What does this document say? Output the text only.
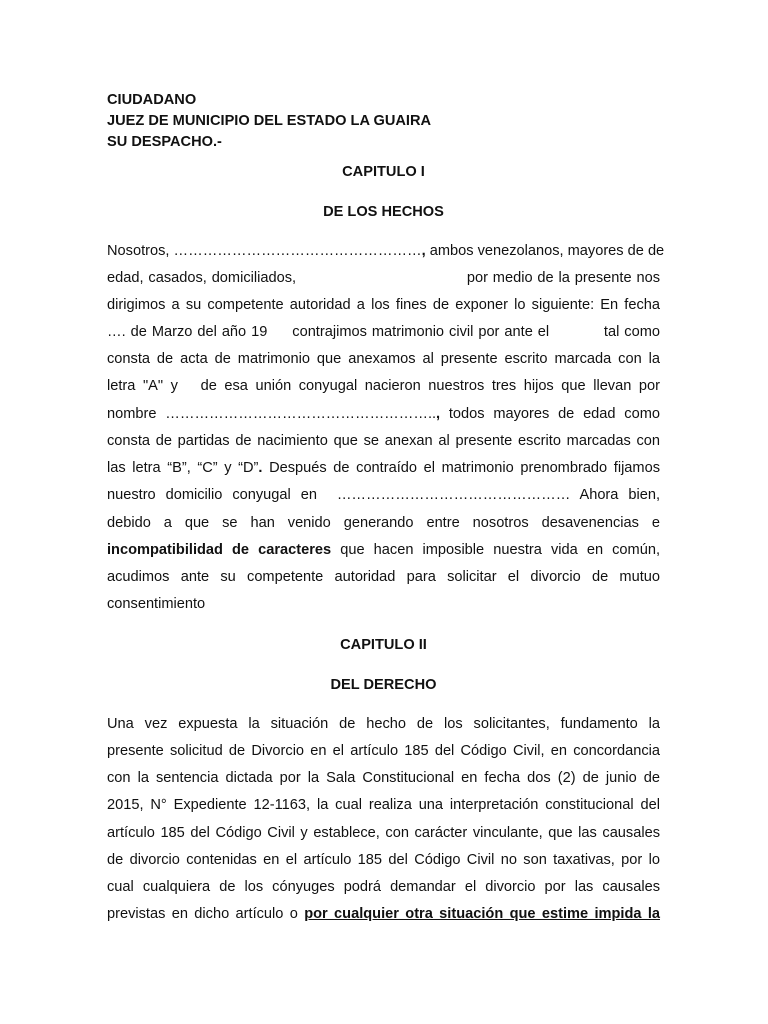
CIUDADANO
JUEZ DE MUNICIPIO DEL ESTADO LA GUAIRA
SU DESPACHO.-
CAPITULO I
DE LOS HECHOS
Nosotros, ……………………………………………, ambos venezolanos, mayores de de
edad, casados, domiciliados,                                   por medio de la presente nos
dirigimos a su competente autoridad a los fines de exponer lo siguiente: En fecha
…. de Marzo del año 19     contrajimos matrimonio civil por ante el           tal como
consta de acta de matrimonio que anexamos al presente escrito marcada con la
letra "A" y   de esa unión conyugal nacieron nuestros tres hijos que llevan por
nombre ……………………………………………….., todos mayores de edad como
consta de partidas de nacimiento que se anexan al presente escrito marcadas con
las letra “B”, “C” y “D”. Después de contraído el matrimonio prenombrado fijamos
nuestro domicilio conyugal en  ………………………………………… Ahora bien,
debido a que se han venido generando entre nosotros desavenencias e
incompatibilidad de caracteres que hacen imposible nuestra vida en común,
acudimos ante su competente autoridad para solicitar el divorcio de mutuo
consentimiento
CAPITULO II
DEL DERECHO
Una vez expuesta la situación de hecho de los solicitantes, fundamento la
presente solicitud de Divorcio en el artículo 185 del Código Civil, en concordancia
con la sentencia dictada por la Sala Constitucional en fecha dos (2) de junio de
2015, N° Expediente 12-1163, la cual realiza una interpretación constitucional del
artículo 185 del Código Civil y establece, con carácter vinculante, que las causales
de divorcio contenidas en el artículo 185 del Código Civil no son taxativas, por lo
cual cualquiera de los cónyuges podrá demandar el divorcio por las causales
previstas en dicho artículo o por cualquier otra situación que estime impida la
